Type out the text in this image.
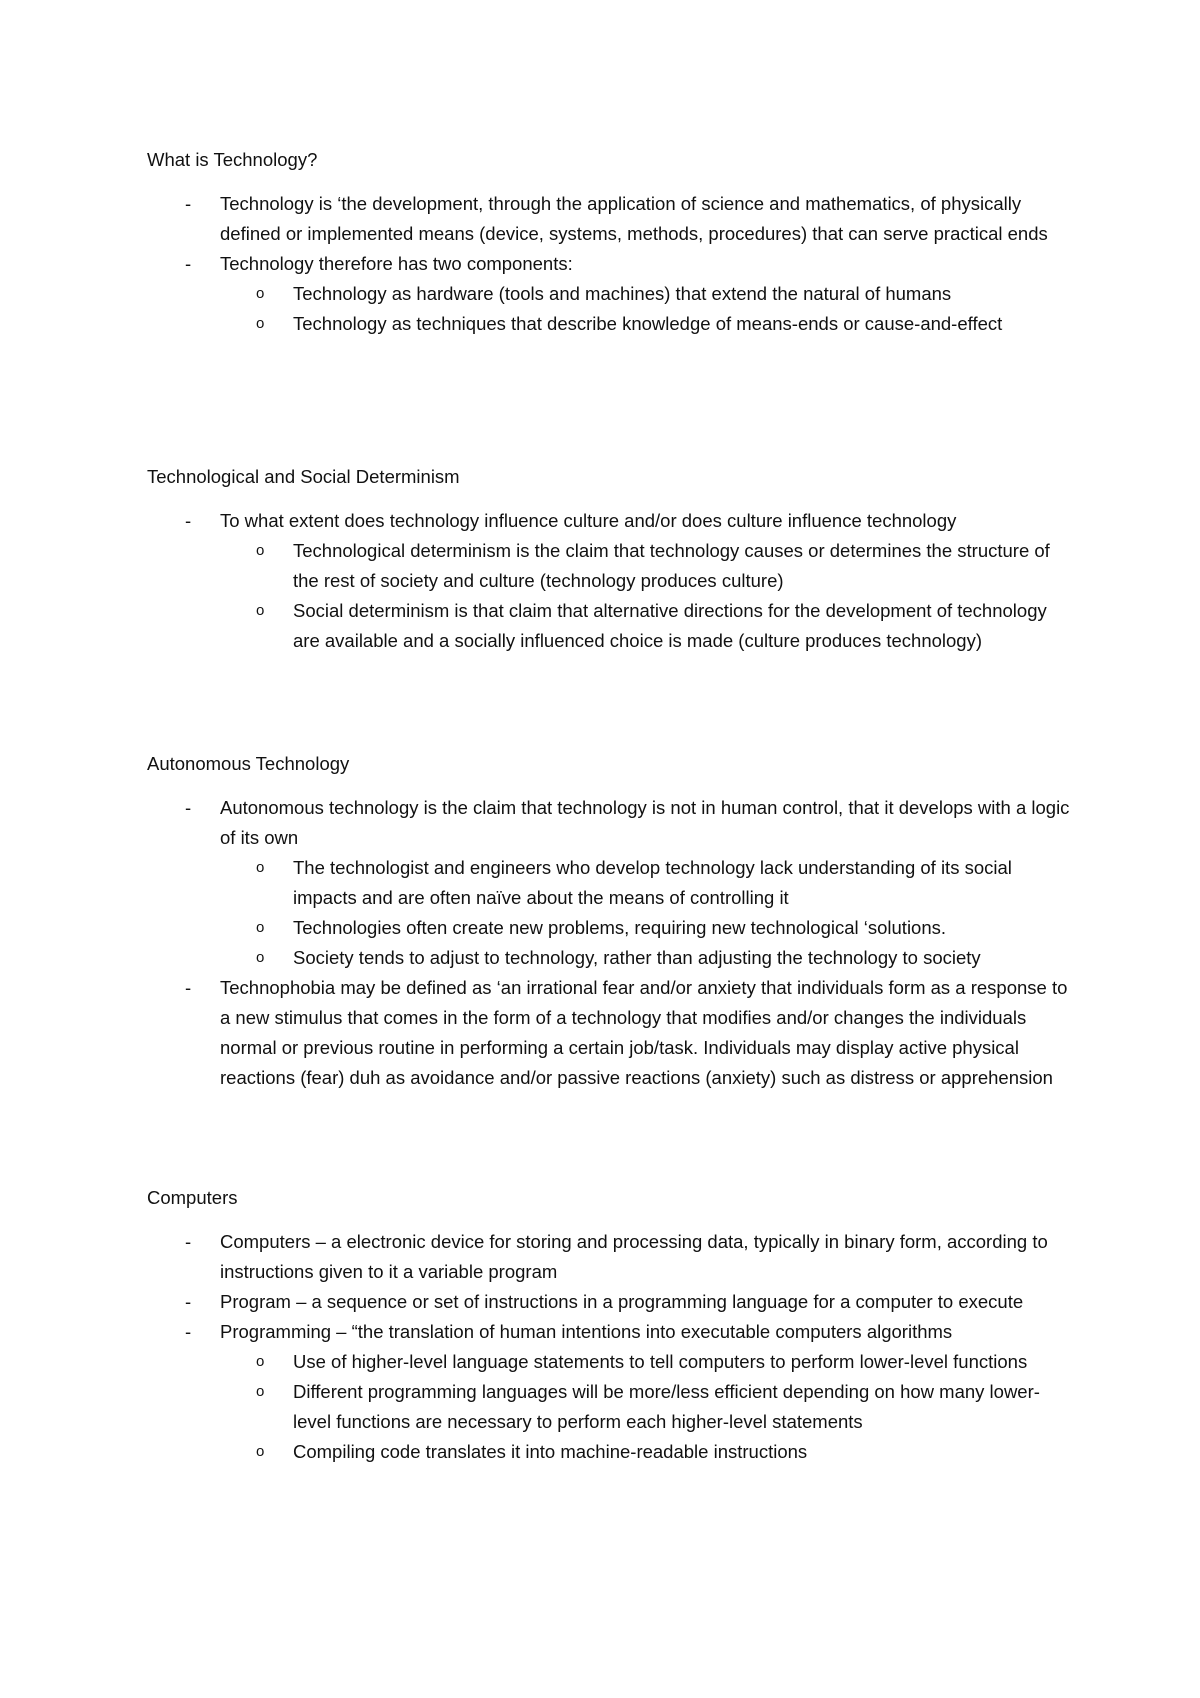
What is Technology?
- Technology is ‘the development, through the application of science and mathematics, of physically defined or implemented means (device, systems, methods, procedures) that can serve practical ends
- Technology therefore has two components:
o Technology as hardware (tools and machines) that extend the natural of humans
o Technology as techniques that describe knowledge of means-ends or cause-and-effect
Technological and Social Determinism
- To what extent does technology influence culture and/or does culture influence technology
o Technological determinism is the claim that technology causes or determines the structure of the rest of society and culture (technology produces culture)
o Social determinism is that claim that alternative directions for the development of technology are available and a socially influenced choice is made (culture produces technology)
Autonomous Technology
- Autonomous technology is the claim that technology is not in human control, that it develops with a logic of its own
o The technologist and engineers who develop technology lack understanding of its social impacts and are often naïve about the means of controlling it
o Technologies often create new problems, requiring new technological ‘solutions.
o Society tends to adjust to technology, rather than adjusting the technology to society
- Technophobia may be defined as ‘an irrational fear and/or anxiety that individuals form as a response to a new stimulus that comes in the form of a technology that modifies and/or changes the individuals normal or previous routine in performing a certain job/task. Individuals may display active physical reactions (fear) duh as avoidance and/or passive reactions (anxiety) such as distress or apprehension
Computers
- Computers – a electronic device for storing and processing data, typically in binary form, according to instructions given to it a variable program
- Program – a sequence or set of instructions in a programming language for a computer to execute
- Programming – “the translation of human intentions into executable computers algorithms
o Use of higher-level language statements to tell computers to perform lower-level functions
o Different programming languages will be more/less efficient depending on how many lower-level functions are necessary to perform each higher-level statements
o Compiling code translates it into machine-readable instructions
